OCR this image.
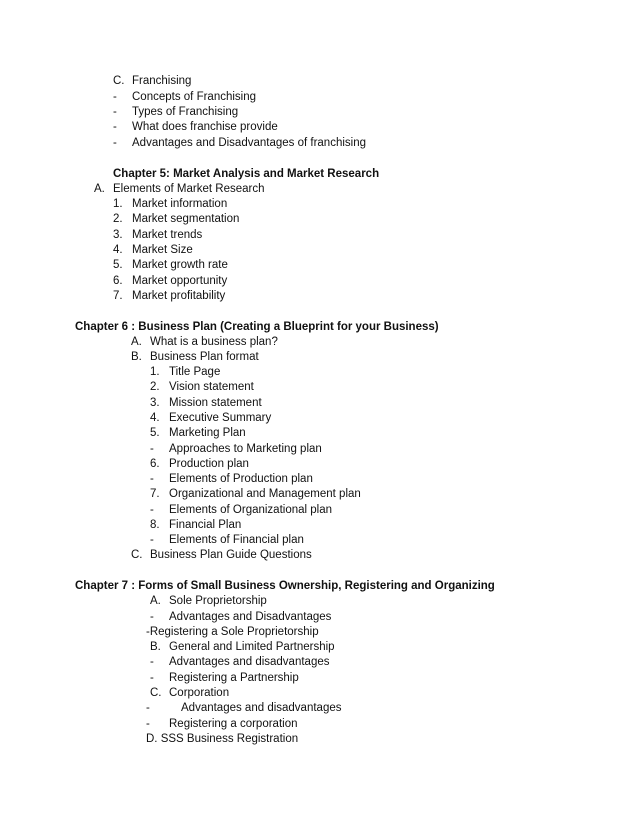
C. Franchising
- Concepts of Franchising
- Types of Franchising
- What does franchise provide
- Advantages and Disadvantages of franchising
Chapter 5: Market Analysis and Market Research
A. Elements of Market Research
1. Market information
2. Market segmentation
3. Market trends
4. Market Size
5. Market growth rate
6. Market opportunity
7. Market profitability
Chapter 6 : Business Plan (Creating a Blueprint for your Business)
A. What is a business plan?
B. Business Plan format
1. Title Page
2. Vision statement
3. Mission statement
4. Executive Summary
5. Marketing Plan
- Approaches to Marketing plan
6. Production plan
- Elements of Production plan
7. Organizational and Management plan
- Elements of Organizational plan
8. Financial Plan
- Elements of Financial plan
C. Business Plan Guide Questions
Chapter 7 : Forms of Small Business Ownership, Registering and Organizing
A. Sole Proprietorship
- Advantages and Disadvantages
-Registering a Sole Proprietorship
B. General and Limited Partnership
- Advantages and disadvantages
- Registering a Partnership
C. Corporation
-	Advantages and disadvantages
- Registering a corporation
D. SSS Business Registration
